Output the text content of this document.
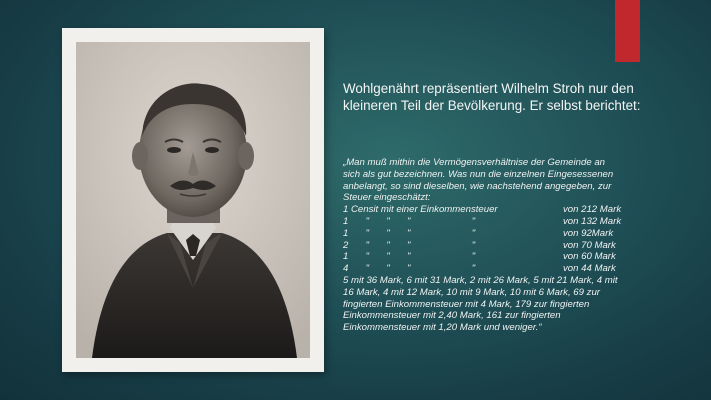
Wohlgenährt repräsentiert Wilhelm Stroh nur den
kleineren Teil der Bevölkerung. Er selbst berichtet:
„Man muß mithin die Vermögensverhältnise der Gemeinde an
sich als gut bezeichnen. Was nun die einzelnen Eingesessenen
anbelangt, so sind dieselben, wie nachstehend angegeben, zur
Steuer eingeschätzt:
1 Censit mit einer Einkommensteuer	von 212 Mark
1 " " "	"	von 132 Mark
1 " " "	"	von 92Mark
2 " " "	"	von 70 Mark
1 " " "	"	von 60 Mark
4 " " "	"	von 44 Mark
5 mit 36 Mark, 6 mit 31 Mark, 2 mit 26 Mark, 5 mit 21 Mark, 4 mit
16 Mark, 4 mit 12 Mark, 10 mit 9 Mark, 10 mit 6 Mark, 69 zur
fingierten Einkommensteuer mit 4 Mark, 179 zur fingierten
Einkommensteuer mit 2,40 Mark, 161 zur fingierten
Einkommensteuer mit 1,20 Mark und weniger.“
